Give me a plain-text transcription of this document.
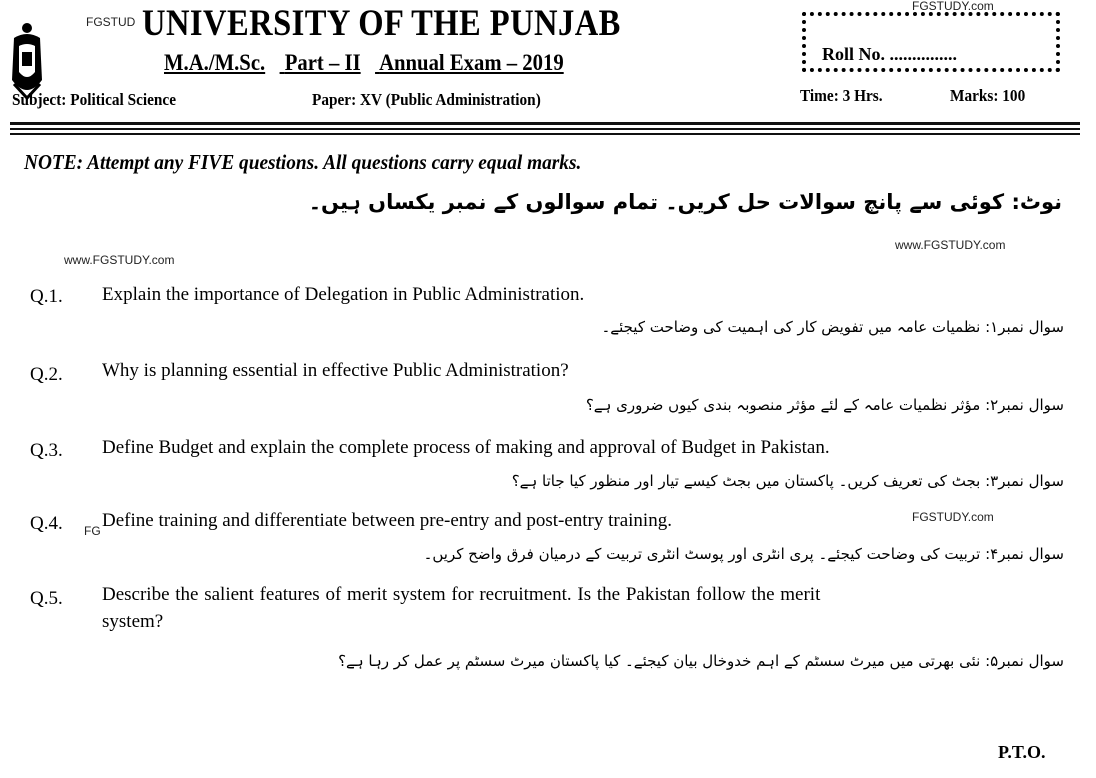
FGSTUD
FGSTUDY.com
UNIVERSITY OF THE PUNJAB
M.A./M.Sc. Part – II Annual Exam – 2019
Subject: Political Science	Paper: XV (Public Administration)	Time: 3 Hrs.	Marks: 100
Roll No. ...............
NOTE: Attempt any FIVE questions. All questions carry equal marks.
نوٹ: کوئی سے پانچ سوالات حل کریں۔ تمام سوالوں کے نمبر یکساں ہیں۔
www.FGSTUDY.com
www.FGSTUDY.com
Q.1. Explain the importance of Delegation in Public Administration.
سوال نمبر۱: نظمیات عامہ میں تفویض کار کی اہمیت کی وضاحت کیجئے۔
Q.2. Why is planning essential in effective Public Administration?
سوال نمبر۲: مؤثر نظمیات عامہ کے لئے مؤثر منصوبہ بندی کیوں ضروری ہے؟
Q.3. Define Budget and explain the complete process of making and approval of Budget in Pakistan.
سوال نمبر۳: بجٹ کی تعریف کریں۔ پاکستان میں بجٹ کیسے تیار اور منظور کیا جاتا ہے؟
Q.4. FG Define training and differentiate between pre-entry and post-entry training.	FGSTUDY.com
سوال نمبر۴: تربیت کی وضاحت کیجئے۔ پری انٹری اور پوسٹ انٹری تربیت کے درمیان فرق واضح کریں۔
Q.5. Describe the salient features of merit system for recruitment. Is the Pakistan follow the merit
system?
سوال نمبر۵: نئی بھرتی میں میرٹ سسٹم کے اہم خدوخال بیان کیجئے۔ کیا پاکستان میرٹ سسٹم پر عمل کر رہا ہے؟
P.T.O.
